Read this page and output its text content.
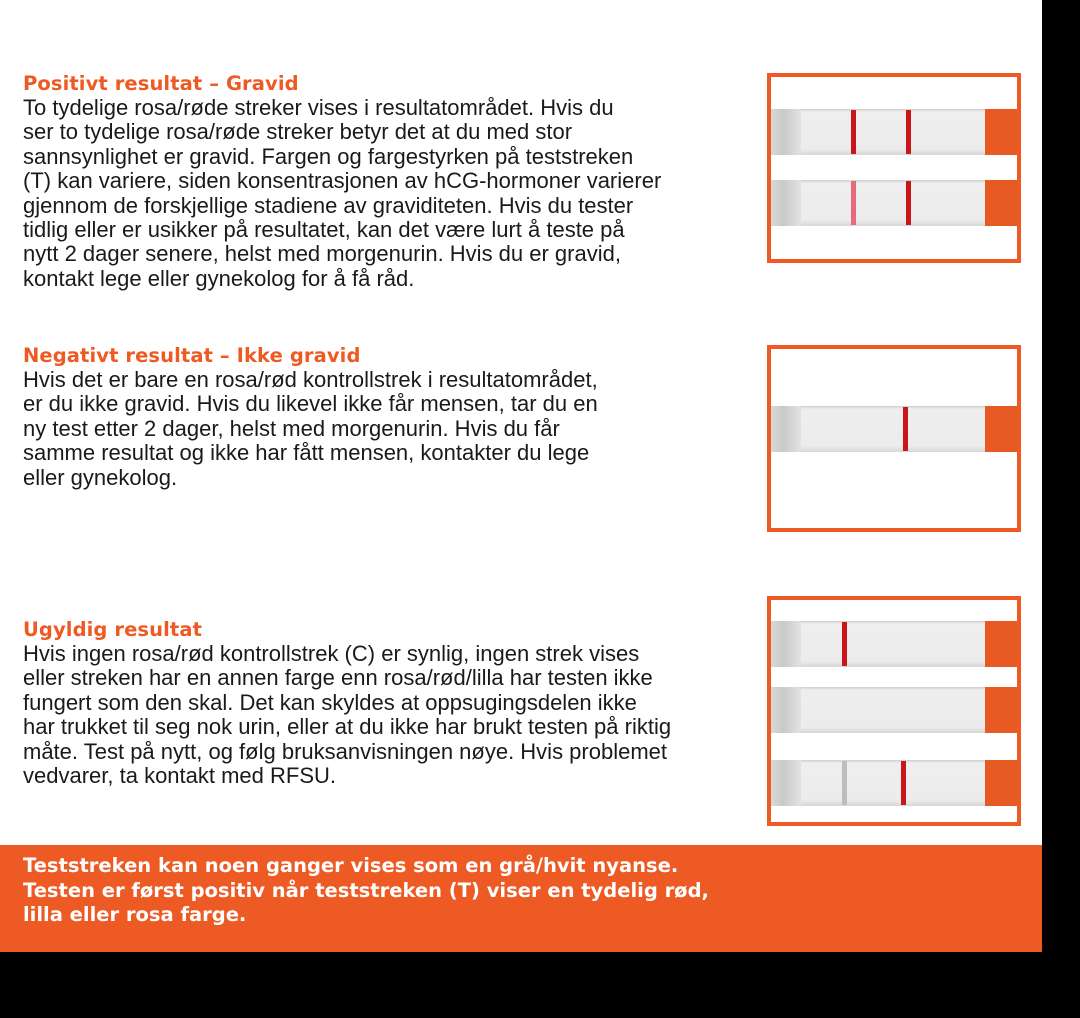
Positivt resultat – Gravid

To tydelige rosa/røde streker vises i resultatområdet. Hvis du
ser to tydelige rosa/røde streker betyr det at du med stor
sannsynlighet er gravid. Fargen og fargestyrken på teststreken
(T) kan variere, siden konsentrasjonen av hCG-hormoner varierer
gjennom de forskjellige stadiene av graviditeten. Hvis du tester
tidlig eller er usikker på resultatet, kan det være lurt å teste på
nytt 2 dager senere, helst med morgenurin. Hvis du er gravid,
kontakt lege eller gynekolog for å få råd.

Negativt resultat – Ikke gravid

Hvis det er bare en rosa/rød kontrollstrek i resultatområdet,
er du ikke gravid. Hvis du likevel ikke får mensen, tar du en
ny test etter 2 dager, helst med morgenurin. Hvis du får
samme resultat og ikke har fått mensen, kontakter du lege
eller gynekolog.

Ugyldig resultat

Hvis ingen rosa/rød kontrollstrek (C) er synlig, ingen strek vises
eller streken har en annen farge enn rosa/rød/lilla har testen ikke
fungert som den skal. Det kan skyldes at oppsugingsdelen ikke
har trukket til seg nok urin, eller at du ikke har brukt testen på riktig
måte. Test på nytt, og følg bruksanvisningen nøye. Hvis problemet
vedvarer, ta kontakt med RFSU.

Teststreken kan noen ganger vises som en grå/hvit nyanse.
Testen er først positiv når teststreken (T) viser en tydelig rød,
lilla eller rosa farge.
